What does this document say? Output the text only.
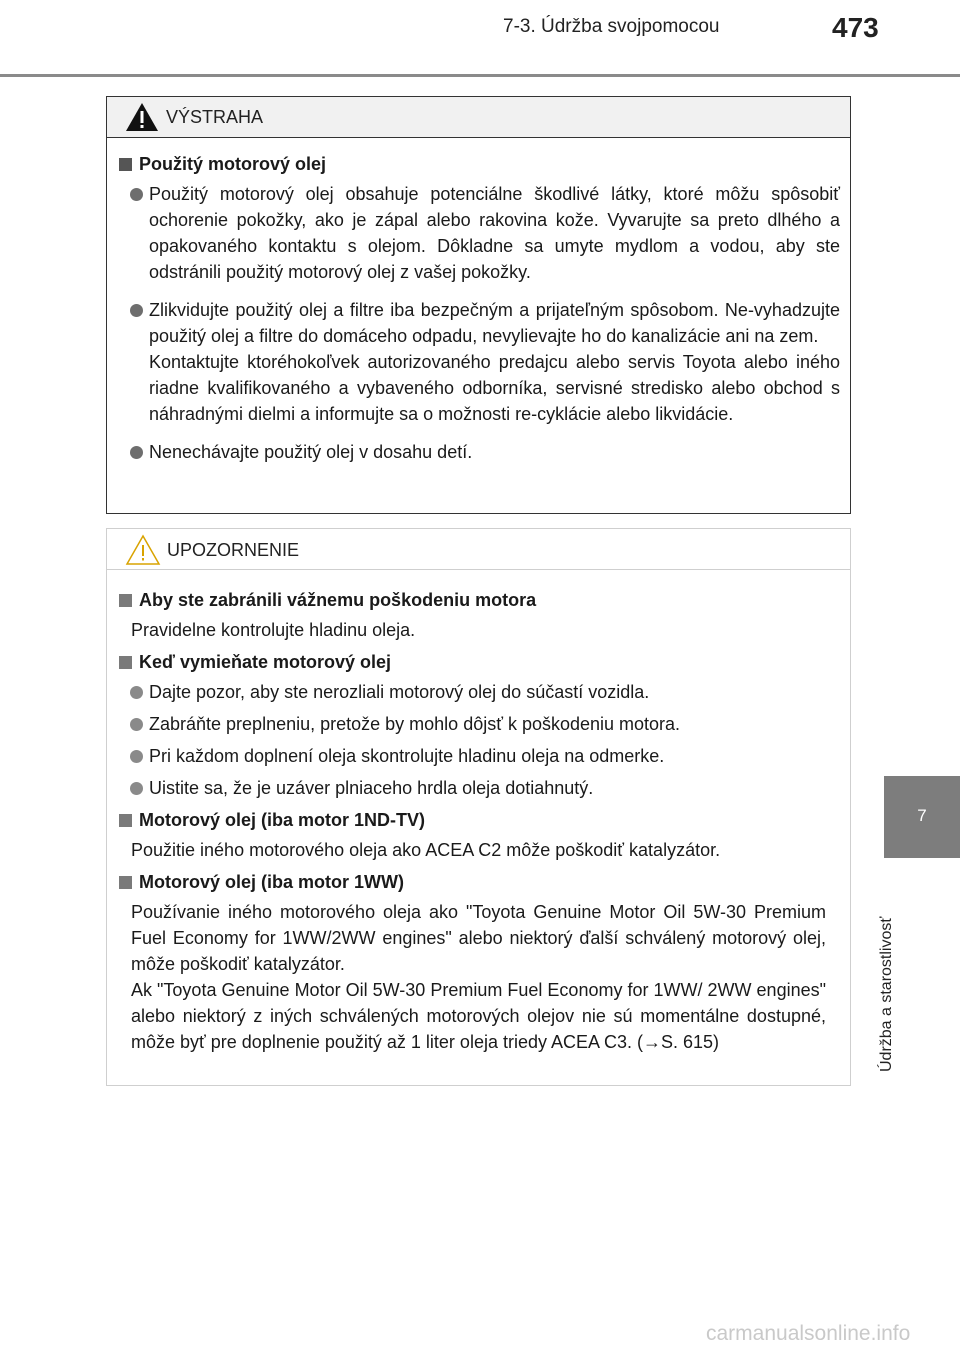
7-3. Údržba svojpomocou	473
7
Údržba a starostlivosť
VÝSTRAHA
Použitý motorový olej
Použitý motorový olej obsahuje potenciálne škodlivé látky, ktoré môžu spôsobiť ochorenie pokožky, ako je zápal alebo rakovina kože. Vyvarujte sa preto dlhého a opakovaného kontaktu s olejom. Dôkladne sa umyte mydlom a vodou, aby ste odstránili použitý motorový olej z vašej pokožky.
Zlikvidujte použitý olej a filtre iba bezpečným a prijateľným spôsobom. Ne-vyhadzujte použitý olej a filtre do domáceho odpadu, nevylievajte ho do kanalizácie ani na zem.
Kontaktujte ktoréhokoľvek autorizovaného predajcu alebo servis Toyota alebo iného riadne kvalifikovaného a vybaveného odborníka, servisné stredisko alebo obchod s náhradnými dielmi a informujte sa o možnosti re-cyklácie alebo likvidácie.
Nenechávajte použitý olej v dosahu detí.
UPOZORNENIE
Aby ste zabránili vážnemu poškodeniu motora
Pravidelne kontrolujte hladinu oleja.
Keď vymieňate motorový olej
Dajte pozor, aby ste nerozliali motorový olej do súčastí vozidla.
Zabráňte preplneniu, pretože by mohlo dôjsť k poškodeniu motora.
Pri každom doplnení oleja skontrolujte hladinu oleja na odmerke.
Uistite sa, že je uzáver plniaceho hrdla oleja dotiahnutý.
Motorový olej (iba motor 1ND-TV)
Použitie iného motorového oleja ako ACEA C2 môže poškodiť katalyzátor.
Motorový olej (iba motor 1WW)
Používanie iného motorového oleja ako "Toyota Genuine Motor Oil 5W-30 Premium Fuel Economy for 1WW/2WW engines" alebo niektorý ďalší schválený motorový olej, môže poškodiť katalyzátor.
Ak "Toyota Genuine Motor Oil 5W-30 Premium Fuel Economy for 1WW/ 2WW engines" alebo niektorý z iných schválených motorových olejov nie sú momentálne dostupné, môže byť pre doplnenie použitý až 1 liter oleja triedy ACEA C3. (→S. 615)
carmanualsonline.info
